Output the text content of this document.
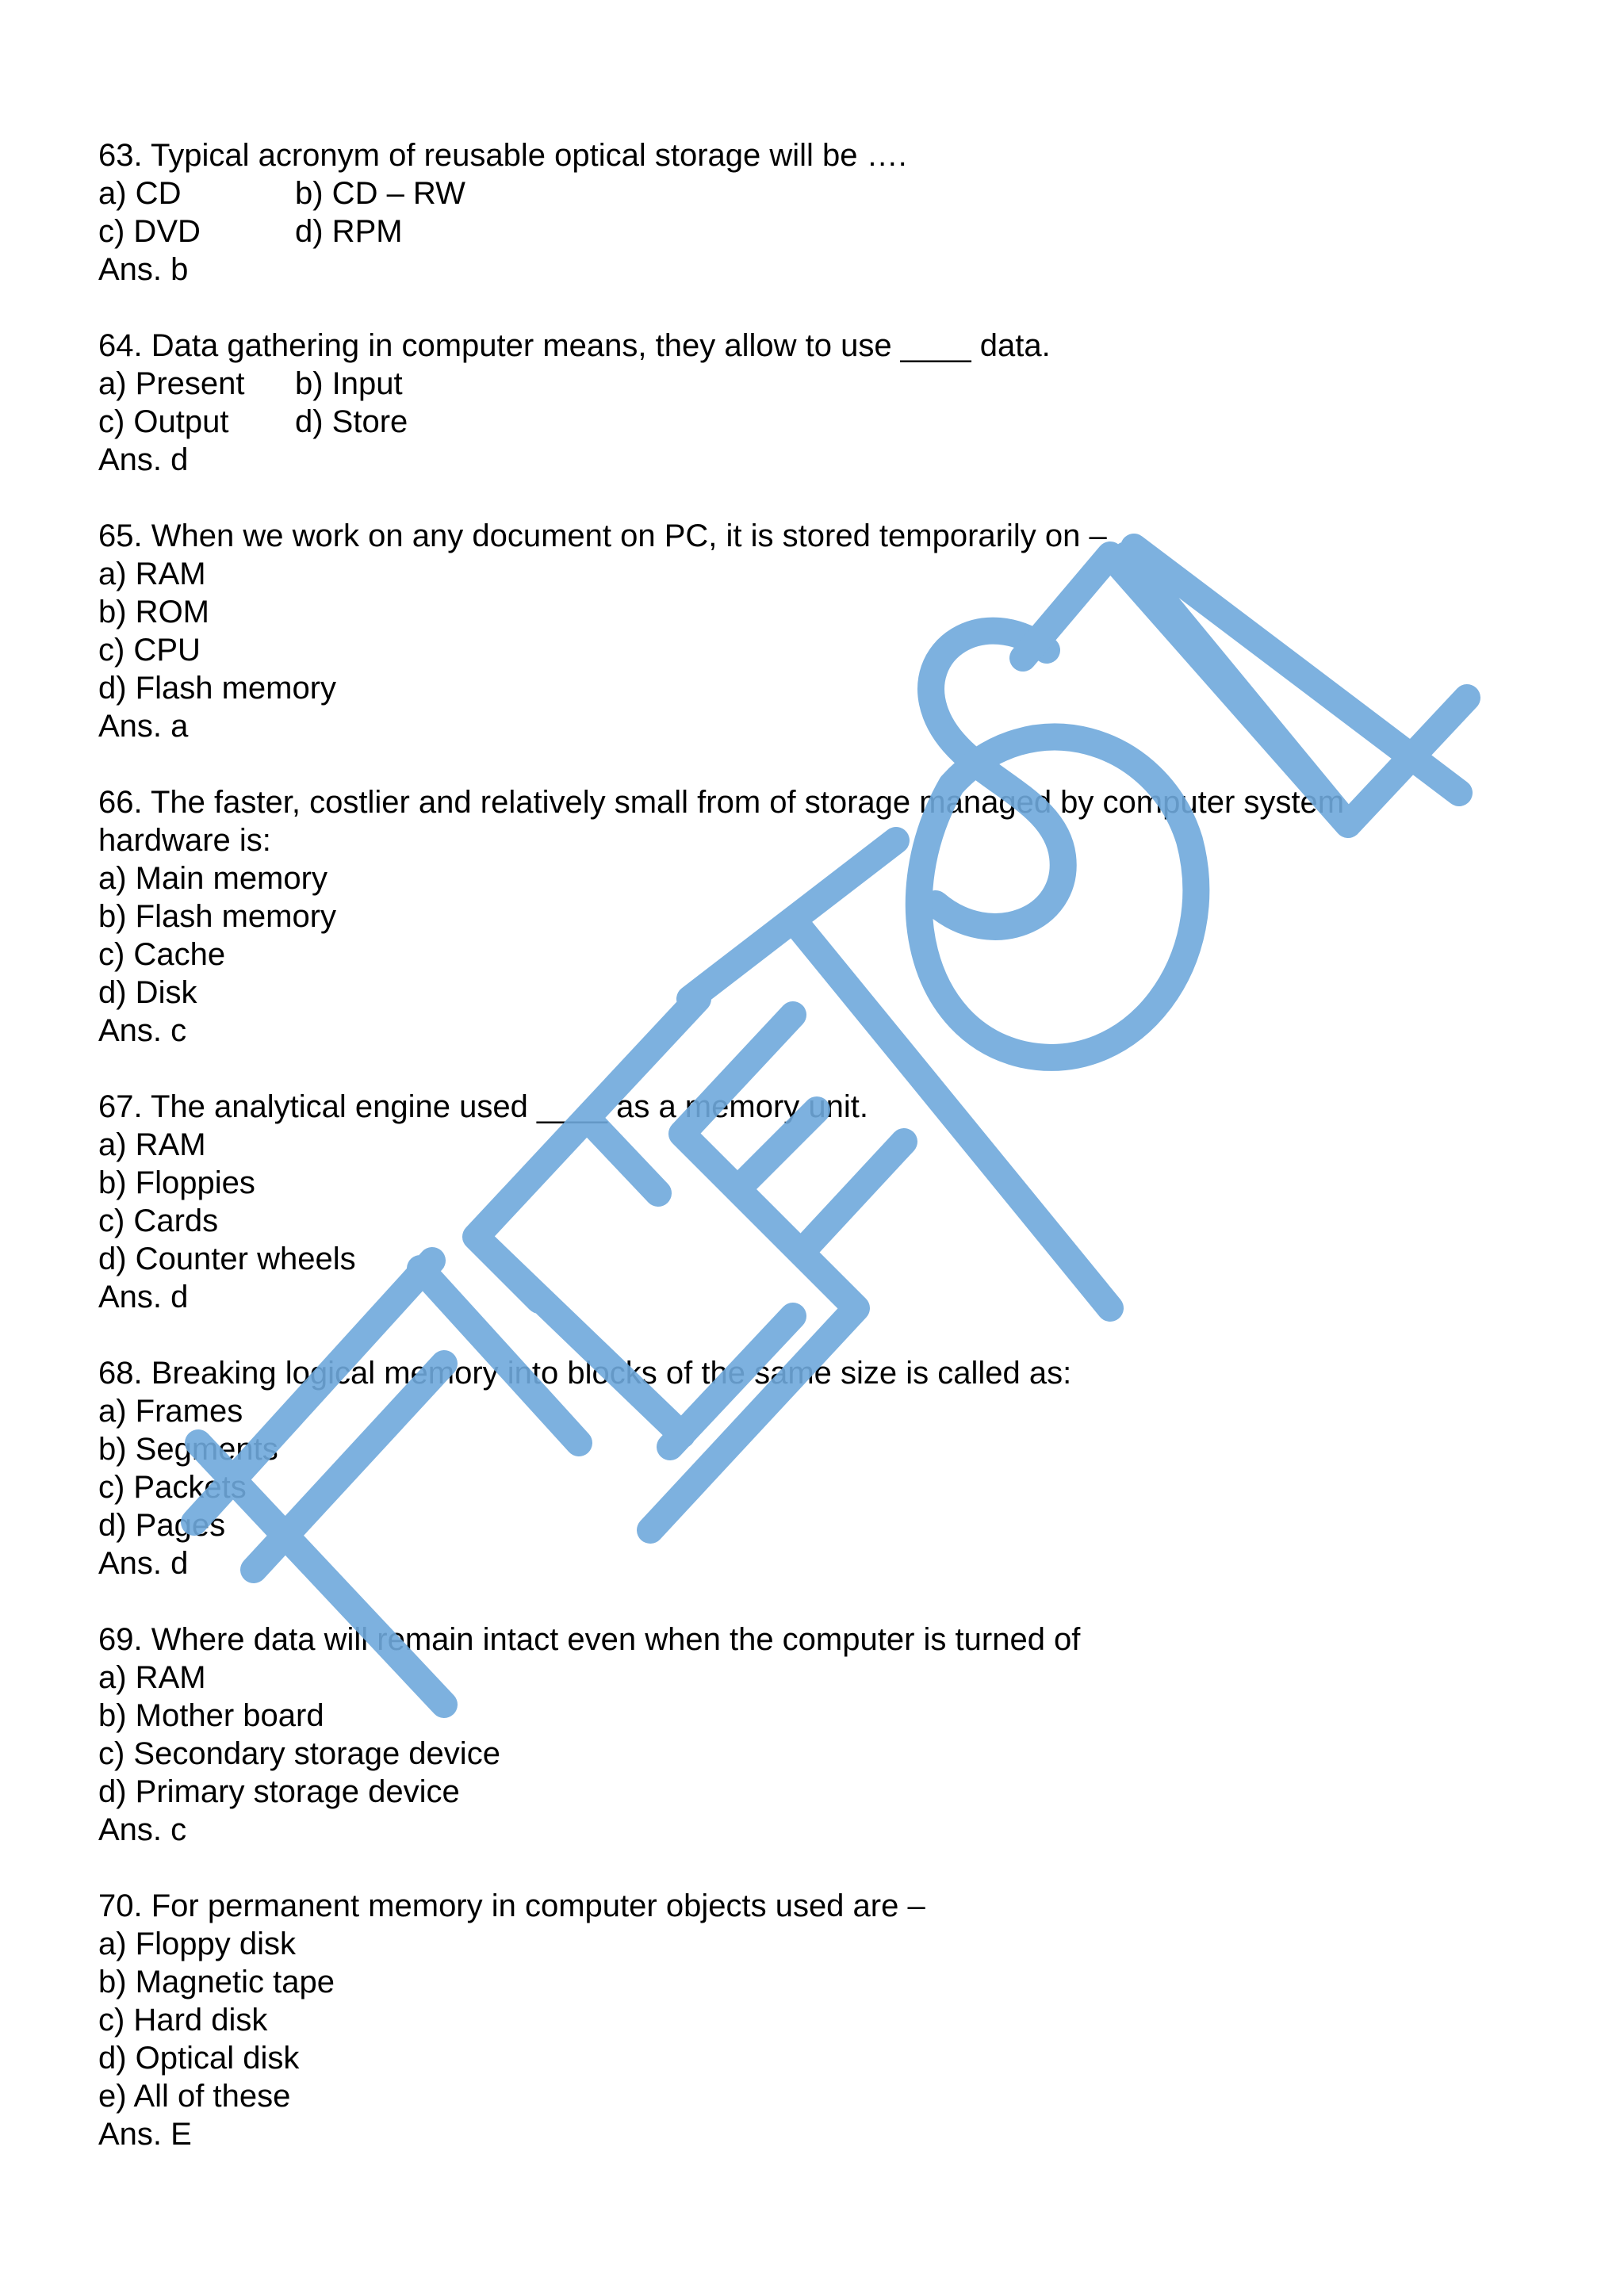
63. Typical acronym of reusable optical storage will be ….
a) CD	b) CD – RW
c) DVD	d) RPM
Ans. b
64. Data gathering in computer means, they allow to use ____ data.
a) Present	b) Input
c) Output	d) Store
Ans. d
65. When we work on any document on PC, it is stored temporarily on –
a) RAM
b) ROM
c) CPU
d) Flash memory
Ans. a
66. The faster, costlier and relatively small from of storage managed by computer system
hardware is:
a) Main memory
b) Flash memory
c) Cache
d) Disk
Ans. c
67. The analytical engine used ____ as a memory unit.
a) RAM
b) Floppies
c) Cards
d) Counter wheels
Ans. d
68. Breaking logical memory into blocks of the same size is called as:
a) Frames
b) Segments
c) Packets
d) Pages
Ans. d
69. Where data will remain intact even when the computer is turned of
a) RAM
b) Mother board
c) Secondary storage device
d) Primary storage device
Ans. c
70. For permanent memory in computer objects used are –
a) Floppy disk
b) Magnetic tape
c) Hard disk
d) Optical disk
e) All of these
Ans. E
